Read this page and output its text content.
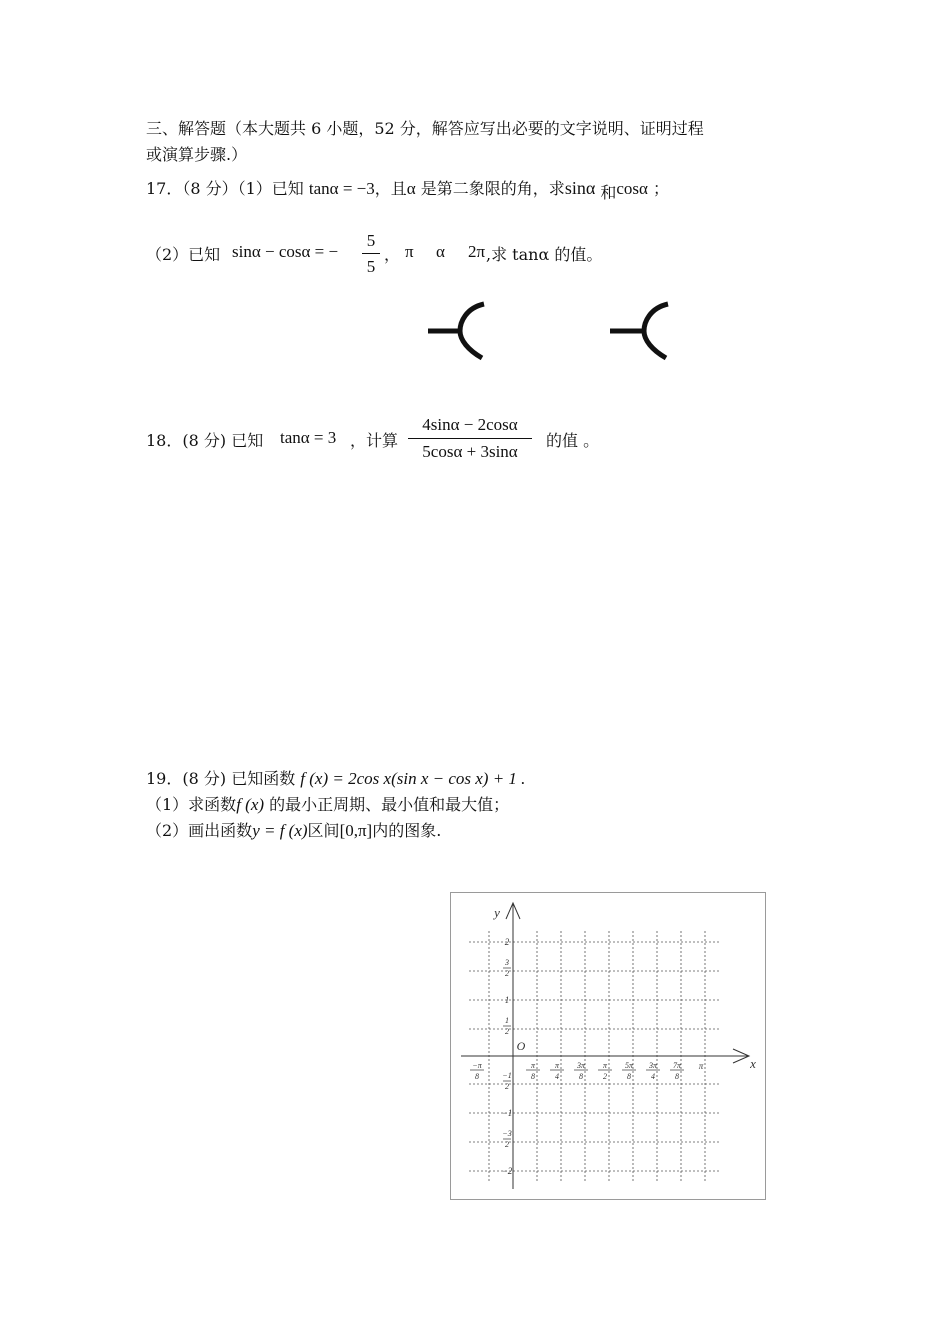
三、解答题（本大题共 6 小题，52 分，解答应写出必要的文字说明、证明过程
或演算步骤.）
17．（8 分）（1）已知 tanα = −3，且α 是第二象限的角，求sinα 和cosα ；
（2）已知 sinα − cosα = −
5
5
， π α 2π ,求 tanα 的值。
18．(8 分) 已知 tanα = 3 ，计算
4sinα − 2cosα
5cosα + 3sinα
的值 。
19．(8 分) 已知函数 f (x) = 2cos x(sin x − cos x) + 1 .
（1）求函数f (x) 的最小正周期、最小值和最大值；
（2）画出函数y = f (x)区间[0,π]内的图象.
x
y
O
−π
8
π
8
π
4
3π
8
π
2
5π
8
3π
4
7π
8
π
2
3
2
1
1
2
−1
2
−1
−3
2
−2
